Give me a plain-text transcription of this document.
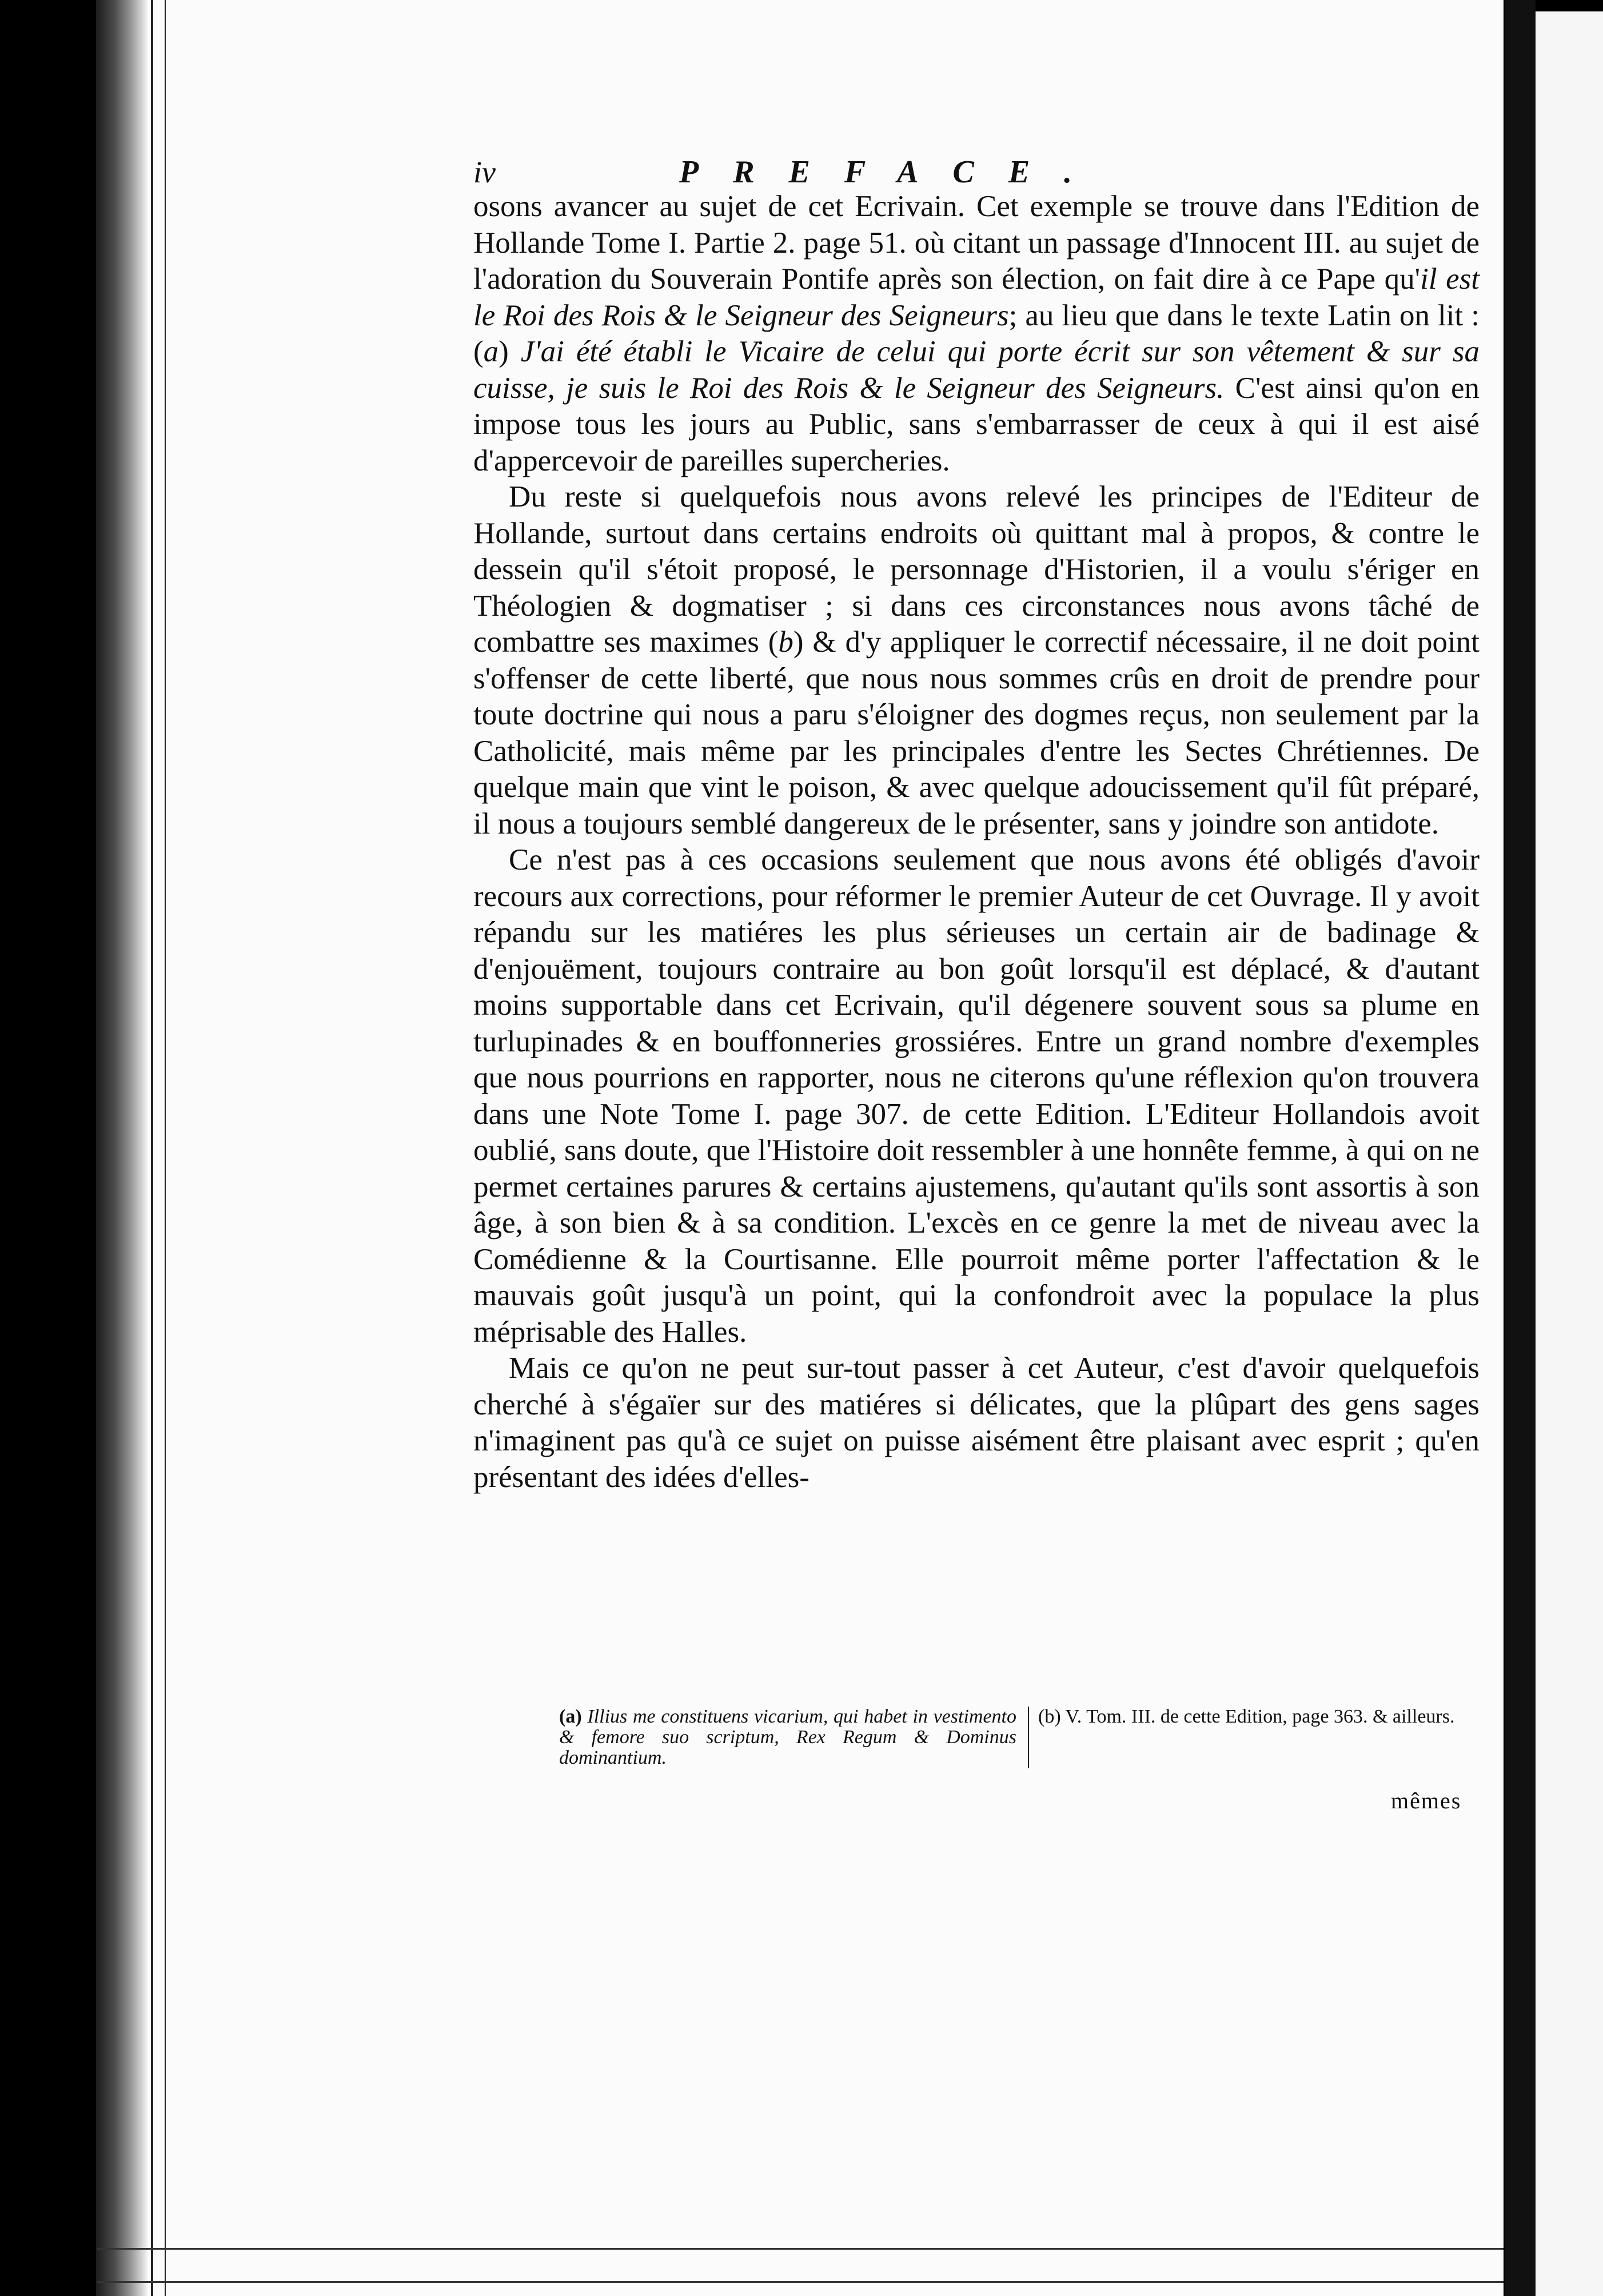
iv	PREFACE.

osons avancer au sujet de cet Ecrivain. Cet exemple se trouve dans l'Edition de Hollande Tome I. Partie 2. page 51. où citant un passage d'Innocent III. au sujet de l'adoration du Souverain Pontife après son élection, on fait dire à ce Pape qu'il est le Roi des Rois & le Seigneur des Seigneurs; au lieu que dans le texte Latin on lit : (a) J'ai été établi le Vicaire de celui qui porte écrit sur son vêtement & sur sa cuisse, je suis le Roi des Rois & le Seigneur des Seigneurs. C'est ainsi qu'on en impose tous les jours au Public, sans s'embarrasser de ceux à qui il est aisé d'appercevoir de pareilles supercheries.

Du reste si quelquefois nous avons relevé les principes de l'Editeur de Hollande, surtout dans certains endroits où quittant mal à propos, & contre le dessein qu'il s'étoit proposé, le personnage d'Historien, il a voulu s'ériger en Théologien & dogmatiser ; si dans ces circonstances nous avons tâché de combattre ses maximes (b) & d'y appliquer le correctif nécessaire, il ne doit point s'offenser de cette liberté, que nous nous sommes crûs en droit de prendre pour toute doctrine qui nous a paru s'éloigner des dogmes reçus, non seulement par la Catholicité, mais même par les principales d'entre les Sectes Chrétiennes. De quelque main que vint le poison, & avec quelque adoucissement qu'il fût préparé, il nous a toujours semblé dangereux de le présenter, sans y joindre son antidote.

Ce n'est pas à ces occasions seulement que nous avons été obligés d'avoir recours aux corrections, pour réformer le premier Auteur de cet Ouvrage. Il y avoit répandu sur les matiéres les plus sérieuses un certain air de badinage & d'enjouëment, toujours contraire au bon goût lorsqu'il est déplacé, & d'autant moins supportable dans cet Ecrivain, qu'il dégenere souvent sous sa plume en turlupinades & en bouffonneries grossiéres. Entre un grand nombre d'exemples que nous pourrions en rapporter, nous ne citerons qu'une réflexion qu'on trouvera dans une Note Tome I. page 307. de cette Edition. L'Editeur Hollandois avoit oublié, sans doute, que l'Histoire doit ressembler à une honnête femme, à qui on ne permet certaines parures & certains ajustemens, qu'autant qu'ils sont assortis à son âge, à son bien & à sa condition. L'excès en ce genre la met de niveau avec la Comédienne & la Courtisanne. Elle pourroit même porter l'affectation & le mauvais goût jusqu'à un point, qui la confondroit avec la populace la plus méprisable des Halles.

Mais ce qu'on ne peut sur-tout passer à cet Auteur, c'est d'avoir quelquefois cherché à s'égaïer sur des matiéres si délicates, que la plûpart des gens sages n'imaginent pas qu'à ce sujet on puisse aisément être plaisant avec esprit ; qu'en présentant des idées d'elles-

(a) Illius me constituens vicarium, qui habet in vestimento & femore suo scriptum, Rex Regum & Dominus dominantium.
(b) V. Tom. III. de cette Edition, page 363. & ailleurs.
mêmes
